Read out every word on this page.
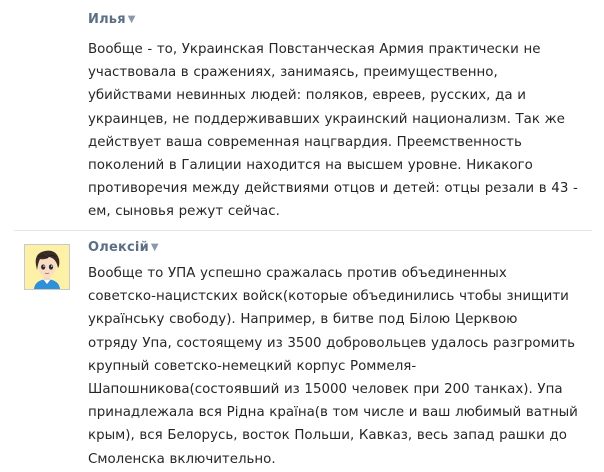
Илья ▼
Вообще - то, Украинская Повстанческая Армия практически не
участвовала в сражениях, занимаясь, преимущественно,
убийствами невинных людей: поляков, евреев, русских, да и
украинцев, не поддерживавших украинский национализм. Так же
действует ваша современная нацгвардия. Преемственность
поколений в Галиции находится на высшем уровне. Никакого
противоречия между действиями отцов и детей: отцы резали в 43 -
ем, сыновья режут сейчас.
Олексій ▼
Вообще то УПА успешно сражалась против объединенных
советско-нацистских войск(которые объединились чтобы знищити
українську свободу). Например, в битве под Білою Церквою
отряду Упа, состоящему из 3500 добровольцев удалось разгромить
крупный советско-немецкий корпус Роммеля-
Шапошникова(состоявший из 15000 человек при 200 танках). Упа
принадлежала вся Рідна країна(в том числе и ваш любимый ватный
крым), вся Белорусь, восток Польши, Кавказ, весь запад рашки до
Смоленска включительно.
